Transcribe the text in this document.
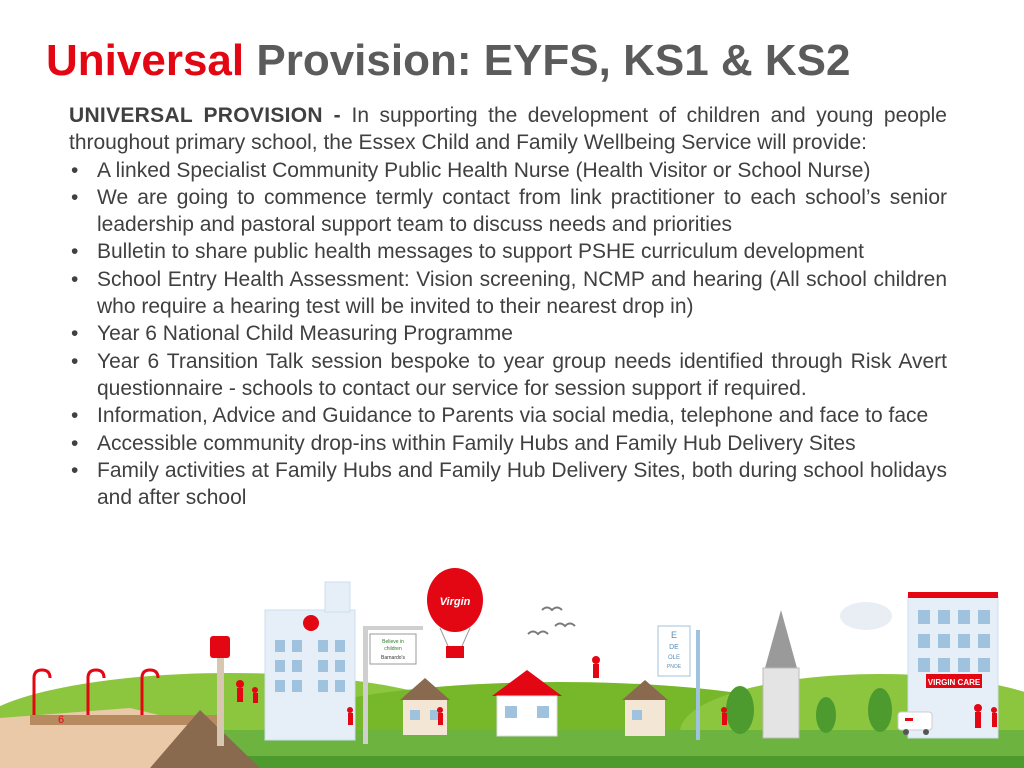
Universal Provision: EYFS, KS1 & KS2

UNIVERSAL PROVISION - In supporting the development of children and young people throughout primary school, the Essex Child and Family Wellbeing Service will provide:

• A linked Specialist Community Public Health Nurse (Health Visitor or School Nurse)
• We are going to commence termly contact from link practitioner to each school’s senior leadership and pastoral support team to discuss needs and priorities
• Bulletin to share public health messages to support PSHE curriculum development
• School Entry Health Assessment: Vision screening, NCMP and hearing (All school children who require a hearing test will be invited to their nearest drop in)
• Year 6 National Child Measuring Programme
• Year 6 Transition Talk session bespoke to year group needs identified through Risk Avert questionnaire - schools to contact our service for session support if required.
• Information, Advice and Guidance to Parents via social media, telephone and face to face
• Accessible community drop-ins within Family Hubs and Family Hub Delivery Sites
• Family activities at Family Hubs and Family Hub Delivery Sites, both during school holidays and after school
6
Believe in
children
Barnardo's
Virgin
E
DE
OLE
PNOE
VIRGIN CARE
